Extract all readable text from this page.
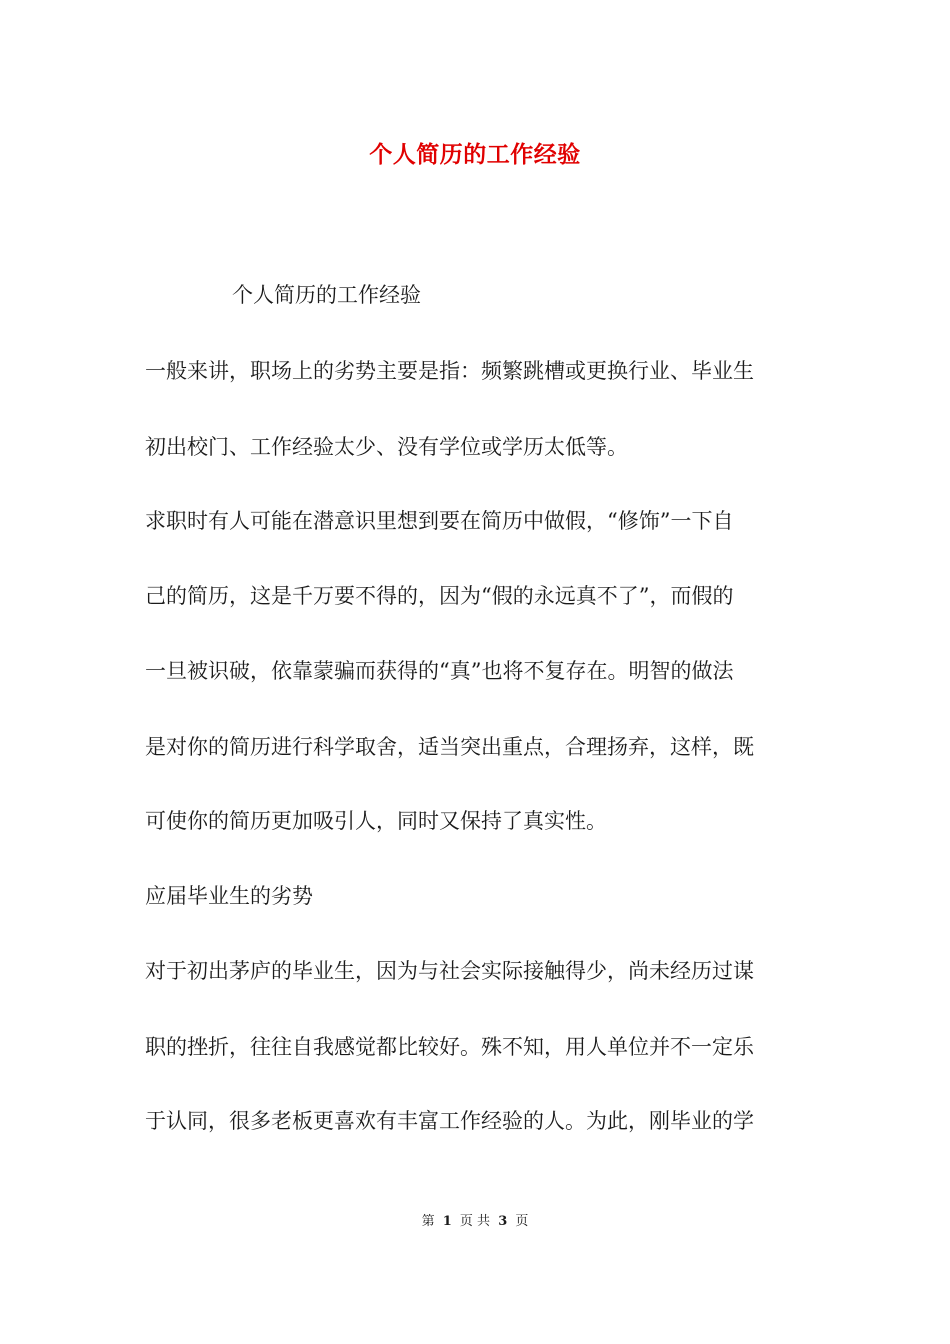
个人简历的工作经验
个人简历的工作经验
一般来讲，职场上的劣势主要是指：频繁跳槽或更换行业、毕业生
初出校门、工作经验太少、没有学位或学历太低等。
求职时有人可能在潜意识里想到要在简历中做假，“修饰”一下自
己的简历，这是千万要不得的，因为“假的永远真不了”，而假的
一旦被识破，依靠蒙骗而获得的“真”也将不复存在。明智的做法
是对你的简历进行科学取舍，适当突出重点，合理扬弃，这样，既
可使你的简历更加吸引人，同时又保持了真实性。
应届毕业生的劣势
对于初出茅庐的毕业生，因为与社会实际接触得少，尚未经历过谋
职的挫折，往往自我感觉都比较好。殊不知，用人单位并不一定乐
于认同，很多老板更喜欢有丰富工作经验的人。为此，刚毕业的学
第 1 页 共 3 页
